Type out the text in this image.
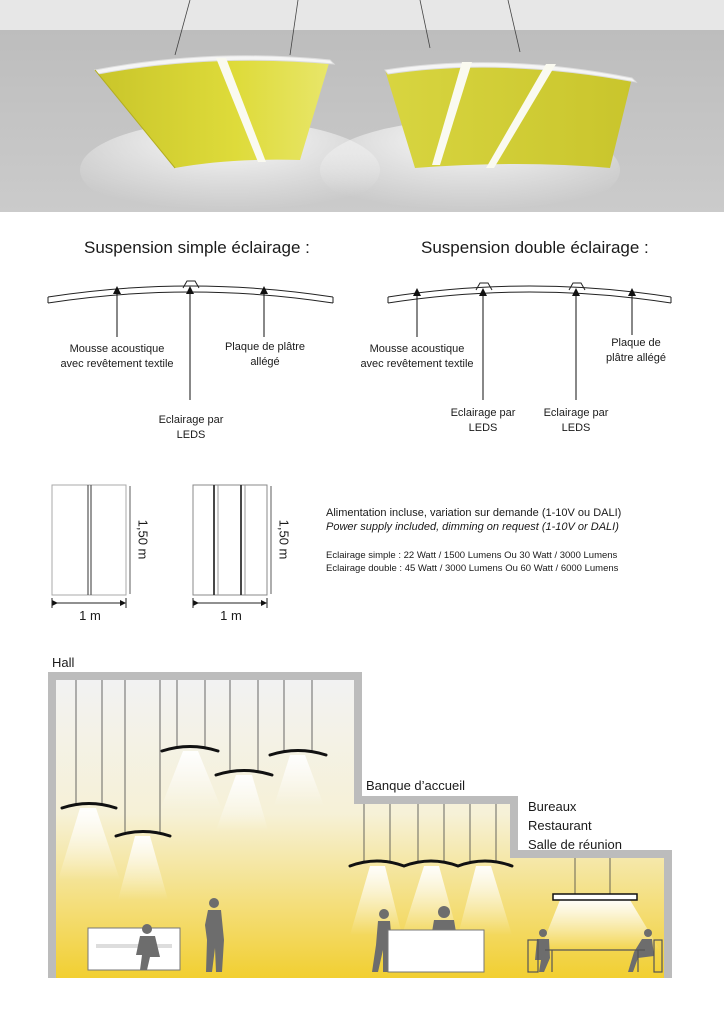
Suspension simple éclairage :	Suspension double éclairage :
Mousse acoustique avec revêtement textile
Plaque de plâtre allégé
Eclairage par LEDS
Mousse acoustique avec revêtement textile
Plaque de plâtre allégé
Eclairage par LEDS
Eclairage par LEDS
1,50 m
1 m
1,50 m
1 m
Alimentation incluse, variation sur demande (1-10V ou DALI)
Power supply included, dimming on request (1-10V or DALI)
Eclairage simple : 22 Watt / 1500 Lumens Ou 30 Watt / 3000 Lumens
Eclairage double : 45 Watt / 3000 Lumens Ou 60 Watt / 6000 Lumens
Hall
Banque d’accueil
Bureaux
Restaurant
Salle de réunion
